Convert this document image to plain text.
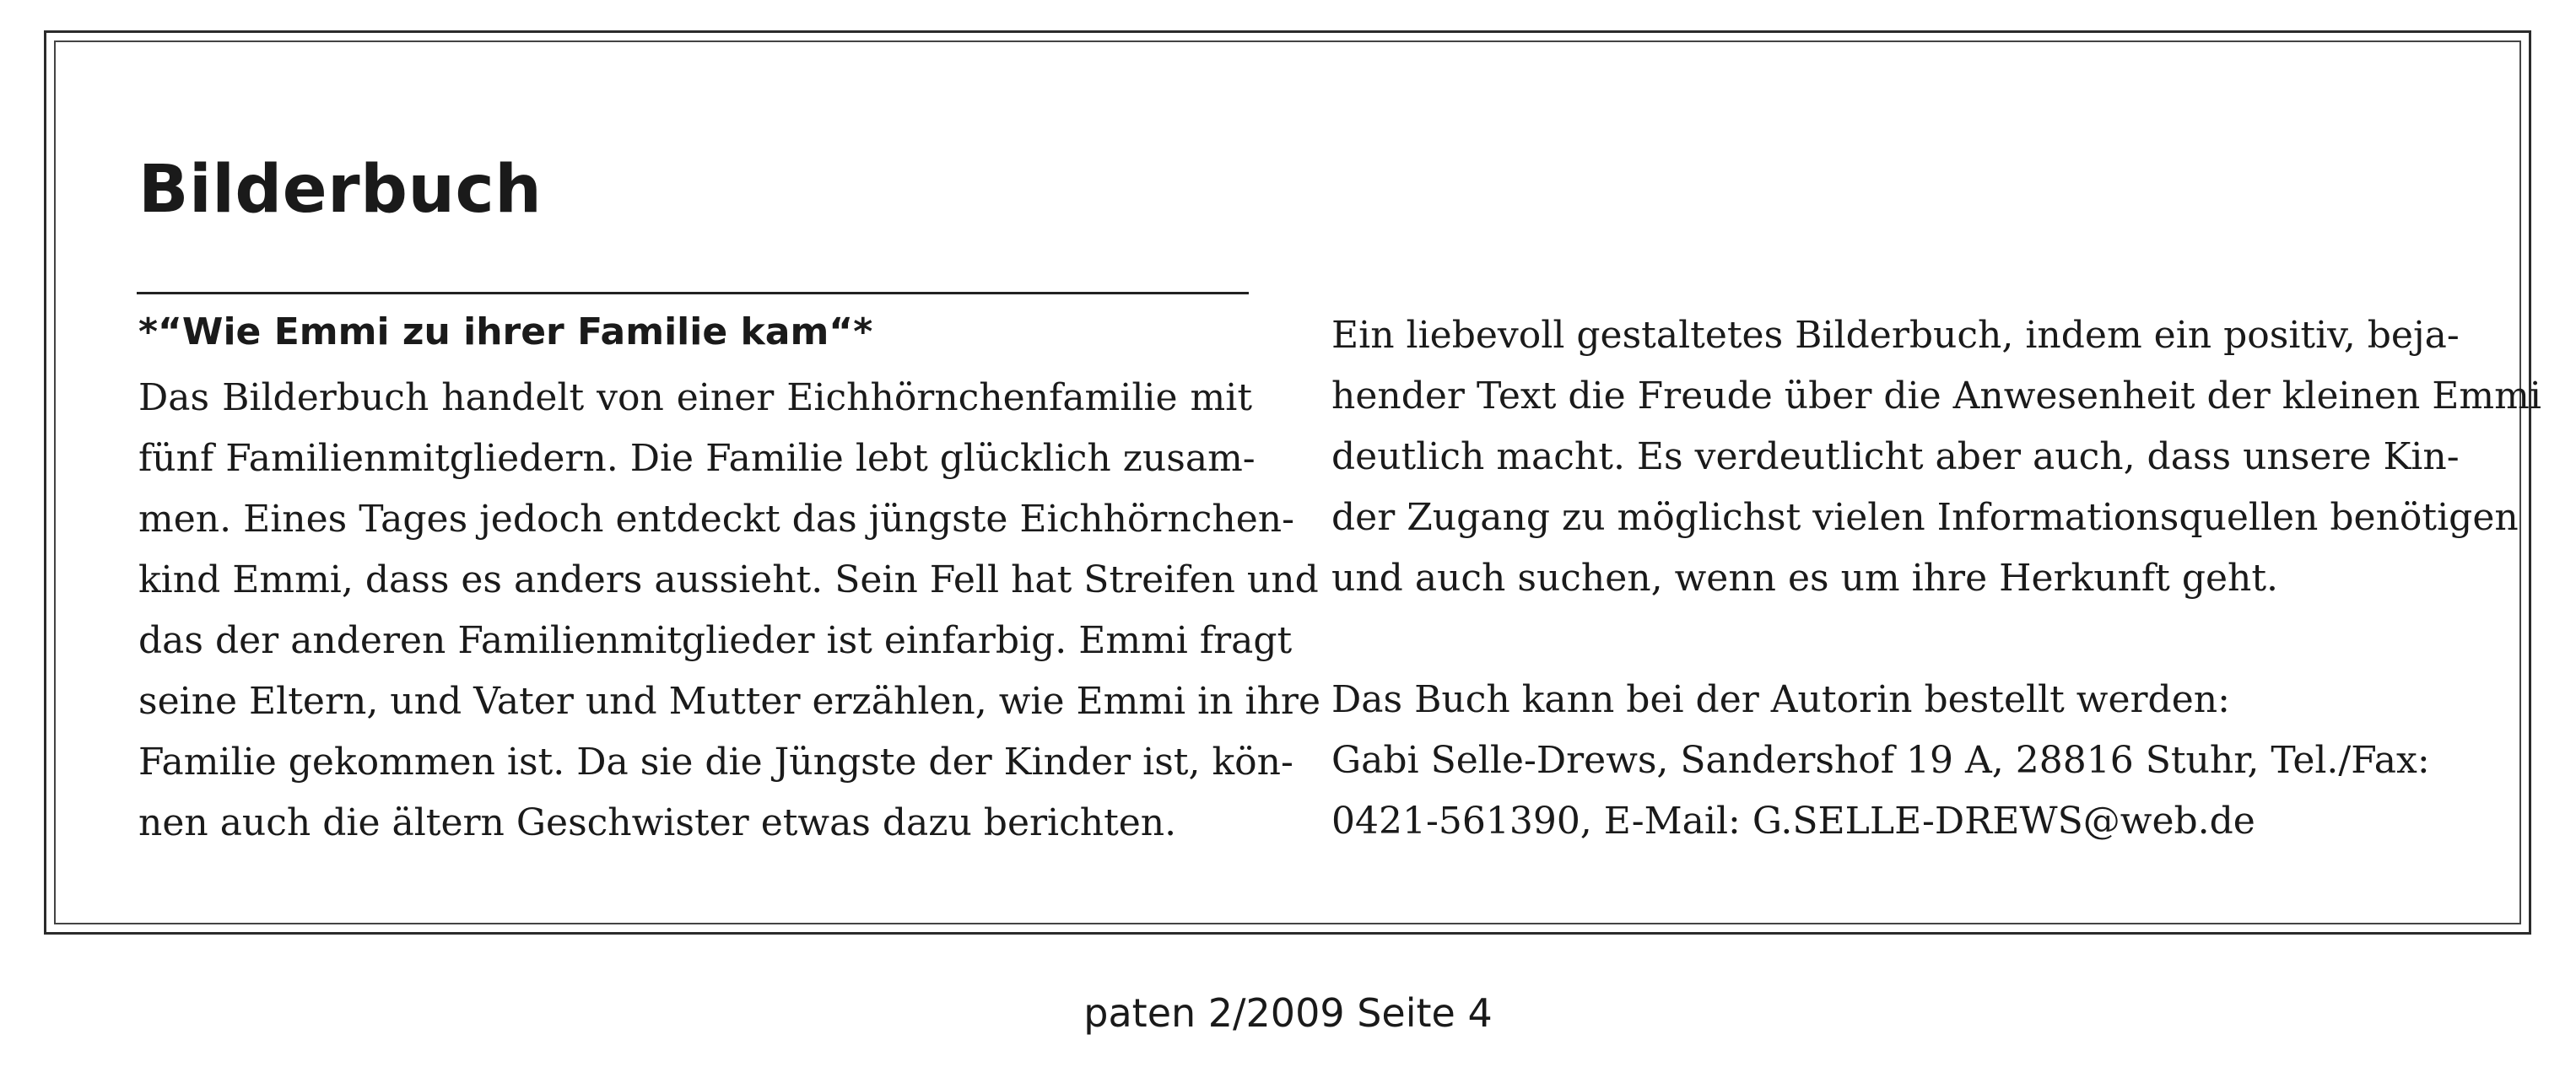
Bilderbuch
*“Wie Emmi zu ihrer Familie kam“*
Das Bilderbuch handelt von einer Eichhörnchenfamilie mit
fünf Familienmitgliedern. Die Familie lebt glücklich zusam-
men. Eines Tages jedoch entdeckt das jüngste Eichhörnchen-
kind Emmi, dass es anders aussieht. Sein Fell hat Streifen und
das der anderen Familienmitglieder ist einfarbig. Emmi fragt
seine Eltern, und Vater und Mutter erzählen, wie Emmi in ihre
Familie gekommen ist. Da sie die Jüngste der Kinder ist, kön-
nen auch die ältern Geschwister etwas dazu berichten.
Ein liebevoll gestaltetes Bilderbuch, indem ein positiv, beja-
hender Text die Freude über die Anwesenheit der kleinen Emmi
deutlich macht. Es verdeutlicht aber auch, dass unsere Kin-
der Zugang zu möglichst vielen Informationsquellen benötigen
und auch suchen, wenn es um ihre Herkunft geht.
Das Buch kann bei der Autorin bestellt werden:
Gabi Selle-Drews, Sandershof 19 A, 28816 Stuhr, Tel./Fax:
0421-561390, E-Mail: G.SELLE-DREWS@web.de
paten 2/2009 Seite 4
